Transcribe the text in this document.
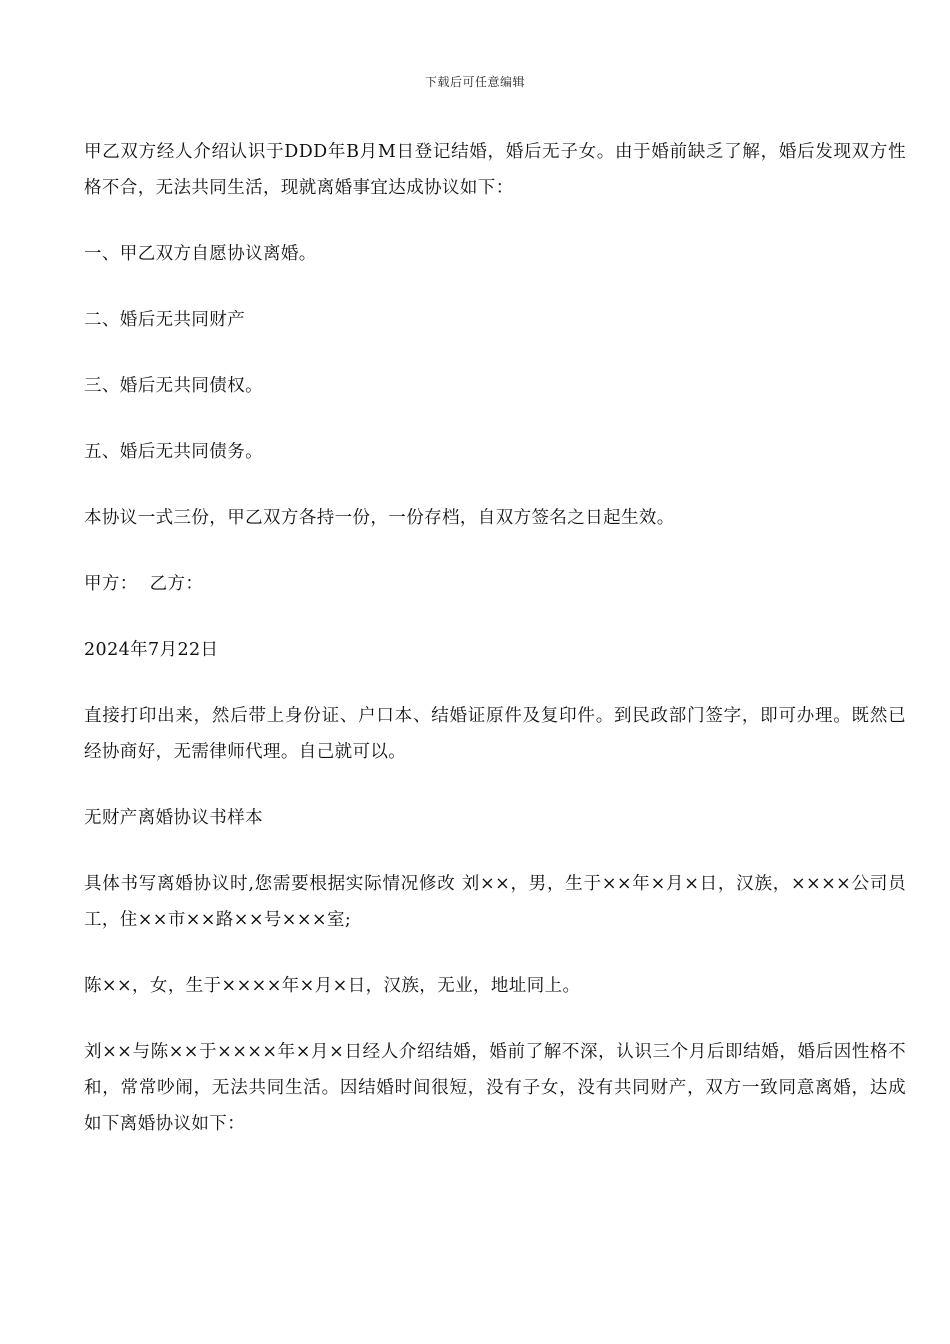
下载后可任意编辑

甲乙双方经人介绍认识于DDD年B月M日登记结婚，婚后无子女。由于婚前缺乏了解，婚后发现双方性格不合，无法共同生活，现就离婚事宜达成协议如下：

一、甲乙双方自愿协议离婚。

二、婚后无共同财产

三、婚后无共同债权。

五、婚后无共同债务。

本协议一式三份，甲乙双方各持一份，一份存档，自双方签名之日起生效。

甲方：  乙方：

2024年7月22日

直接打印出来，然后带上身份证、户口本、结婚证原件及复印件。到民政部门签字，即可办理。既然已经协商好，无需律师代理。自己就可以。

无财产离婚协议书样本

具体书写离婚协议时,您需要根据实际情况修改 刘××，男，生于××年×月×日，汉族，××××公司员工，住××市××路××号×××室;

陈××，女，生于××××年×月×日，汉族，无业，地址同上。

刘××与陈××于××××年×月×日经人介绍结婚，婚前了解不深，认识三个月后即结婚，婚后因性格不和，常常吵闹，无法共同生活。因结婚时间很短，没有子女，没有共同财产，双方一致同意离婚，达成如下离婚协议如下：
